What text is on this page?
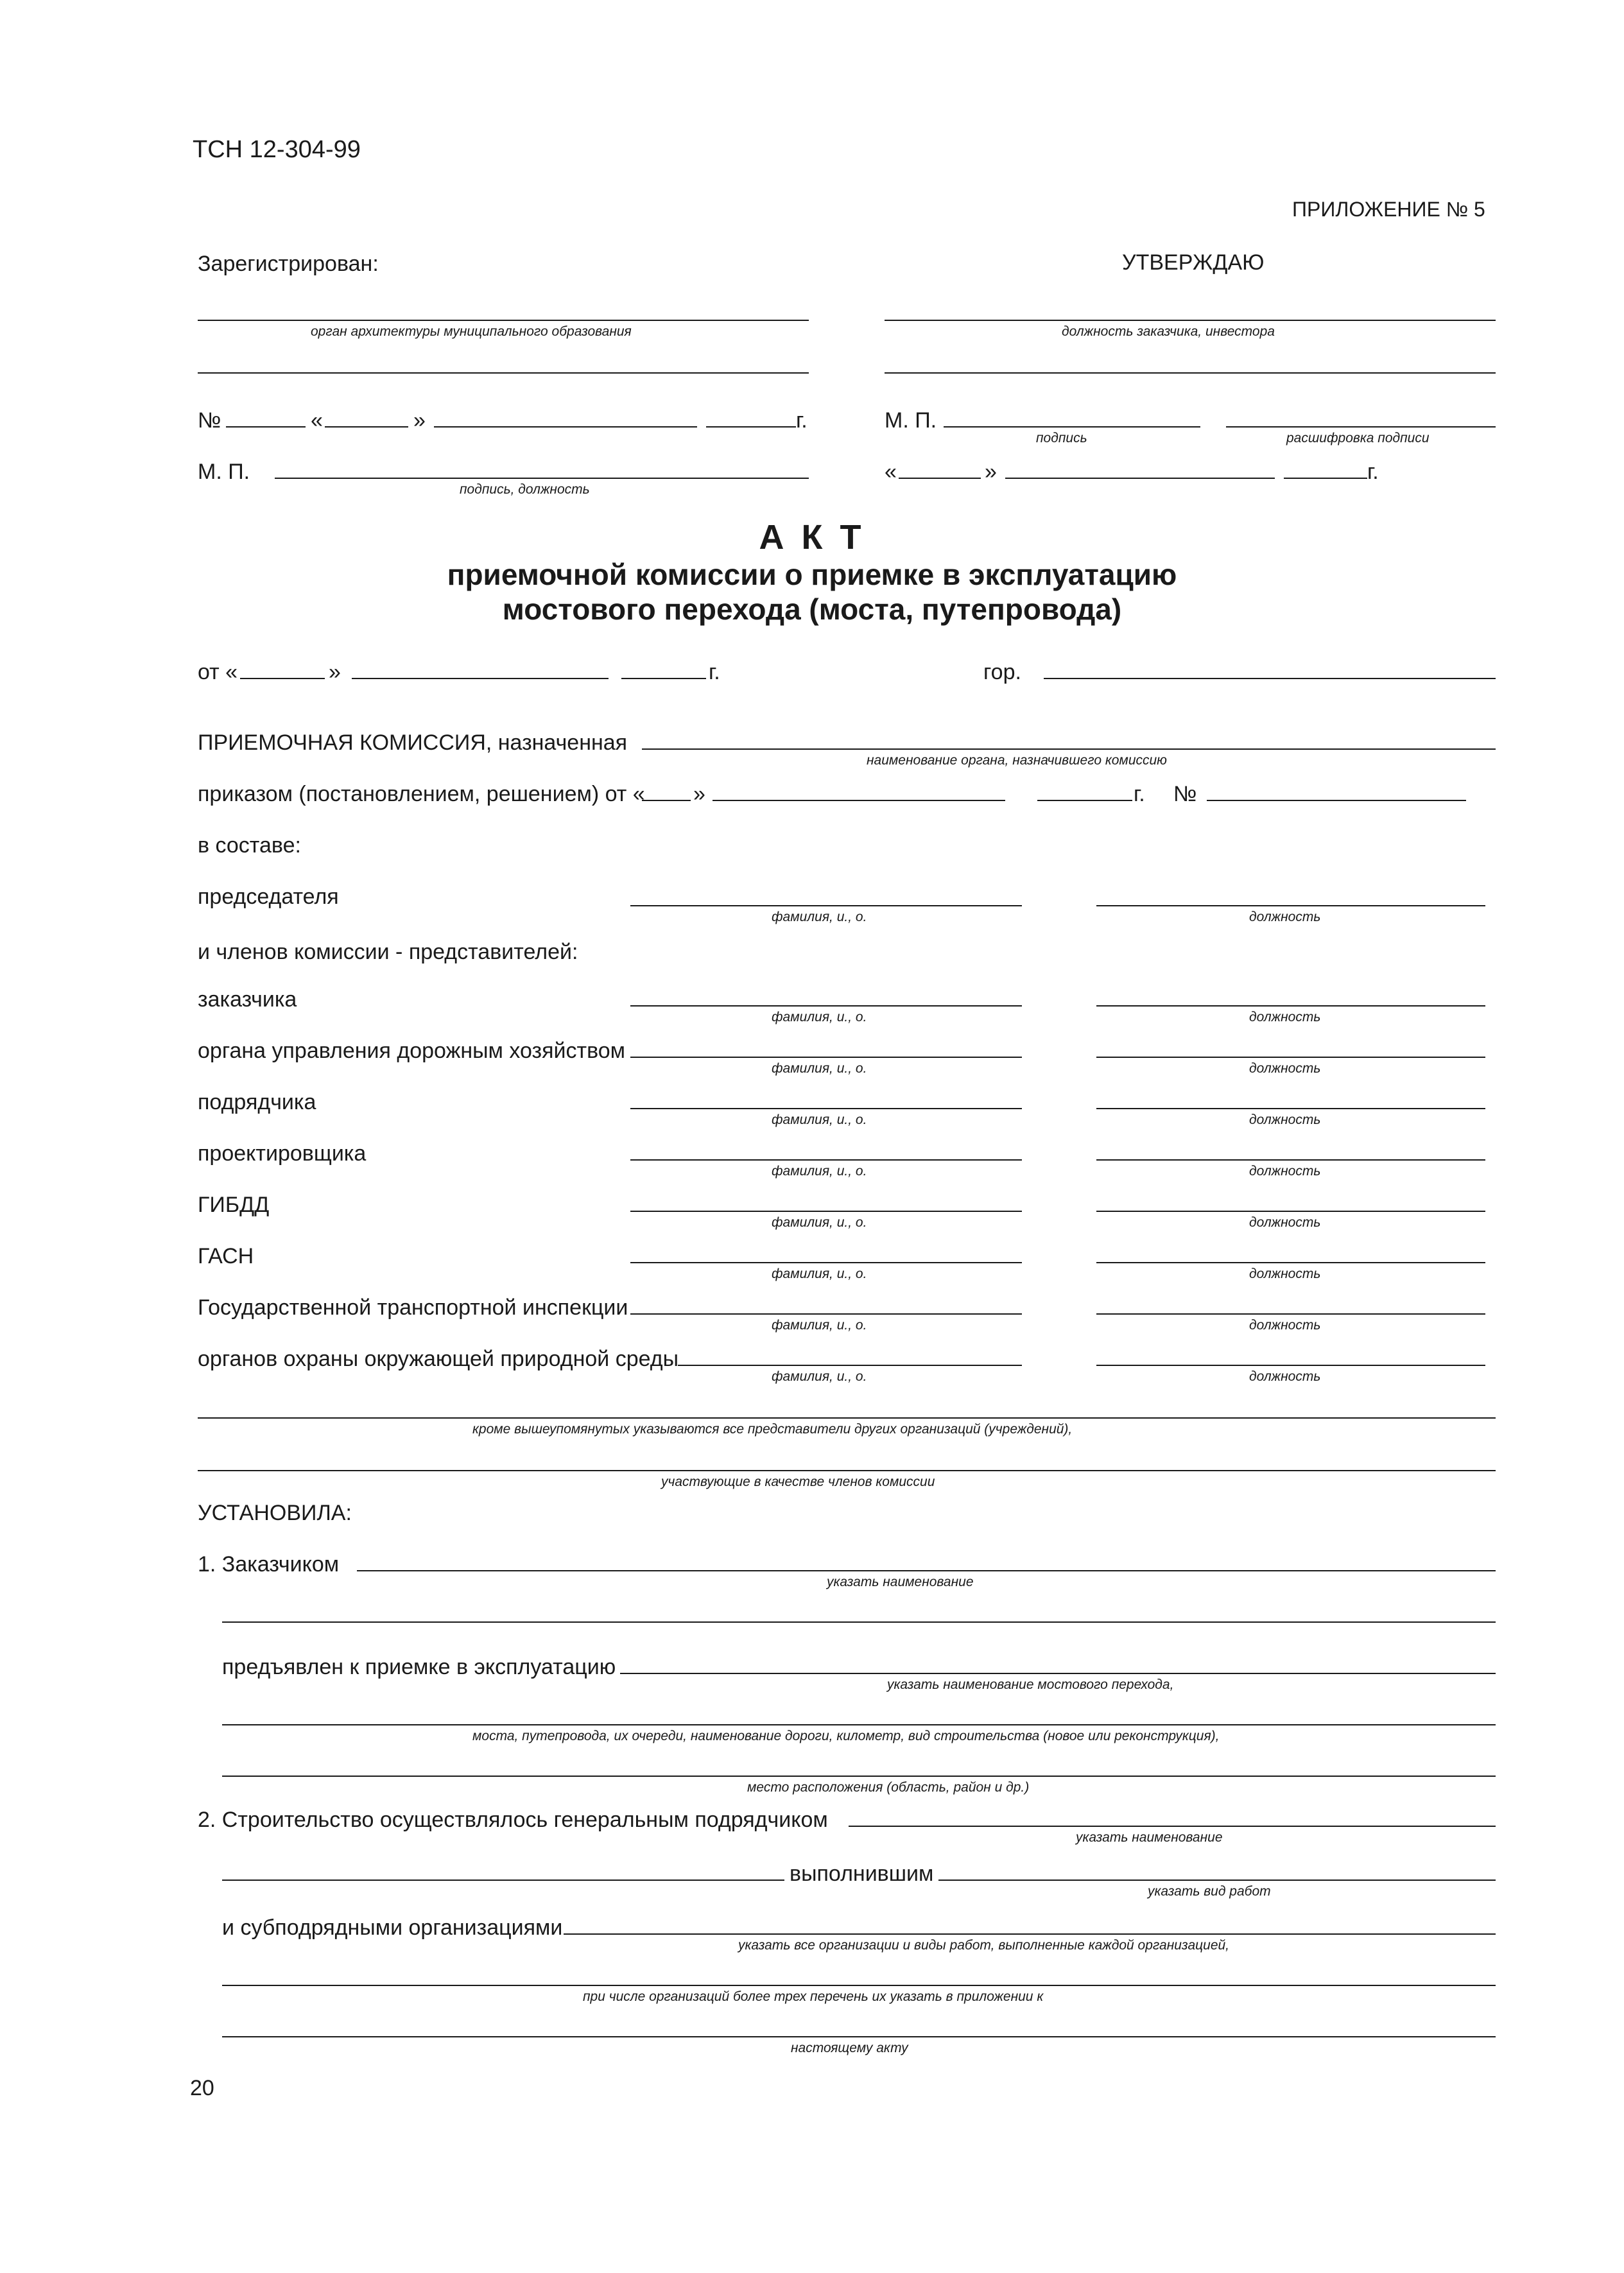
ТСН 12-304-99
ПРИЛОЖЕНИЕ № 5
Зарегистрирован:	УТВЕРЖДАЮ
орган архитектуры муниципального образования	должность заказчика, инвестора
№	«	»	г.	М. П.
подпись	расшифровка подписи
М. П.
подпись, должность
«	»	г.
А К Т
приемочной комиссии о приемке в эксплуатацию
мостового перехода (моста, путепровода)
от «	»	г.	гор.
ПРИЕМОЧНАЯ КОМИССИЯ, назначенная
наименование органа, назначившего комиссию
приказом (постановлением, решением) от « »	г. №
в составе:
председателя
фамилия, и., о.	должность
и членов комиссии - представителей:
заказчика
фамилия, и., о.	должность
органа управления дорожным хозяйством
фамилия, и., о.	должность
подрядчика
фамилия, и., о.	должность
проектировщика
фамилия, и., о.	должность
ГИБДД
фамилия, и., о.	должность
ГАСН
фамилия, и., о.	должность
Государственной транспортной инспекции
фамилия, и., о.	должность
органов охраны окружающей природной среды
фамилия, и., о.	должность
кроме вышеупомянутых указываются все представители других организаций (учреждений),
участвующие в качестве членов комиссии
УСТАНОВИЛА:
1. Заказчиком
указать наименование
предъявлен к приемке в эксплуатацию
указать наименование мостового перехода,
моста, путепровода, их очереди, наименование дороги, километр, вид строительства (новое или реконструкция),
место расположения (область, район и др.)
2. Строительство осуществлялось генеральным подрядчиком
указать наименование
выполнившим
указать вид работ
и субподрядными организациями
указать все организации и виды работ, выполненные каждой организацией,
при числе организаций более трех перечень их указать в приложении к
настоящему акту
20
